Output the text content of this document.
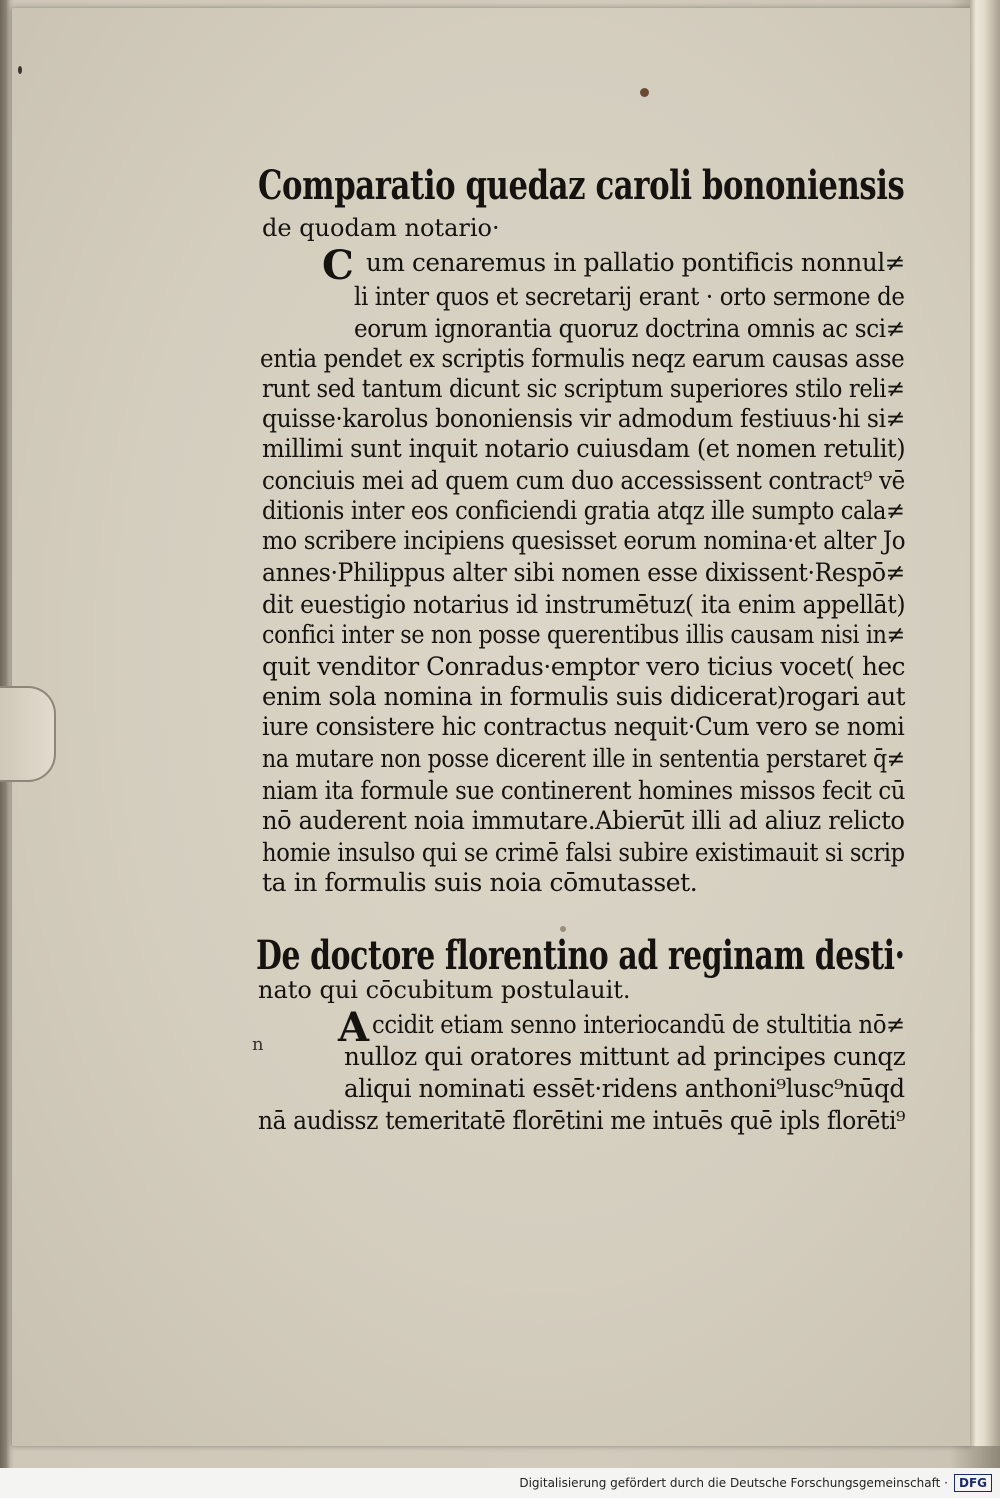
Comparatio quedaz caroli bononiensis
de quodam notario·
C um cenaremus in pallatio pontificis nonnul≠
li inter quos et secretarij erant · orto sermone de
eorum ignorantia quoruz doctrina omnis ac sci≠
entia pendet ex scriptis formulis neqz earum causas asse
runt sed tantum dicunt sic scriptum superiores stilo reli≠
quisse·karolus bononiensis vir admodum festiuus·hi si≠
millimi sunt inquit notario cuiusdam (et nomen retulit)
conciuis mei ad quem cum duo accessissent contract⁹ vē
ditionis inter eos conficiendi gratia atqz ille sumpto cala≠
mo scribere incipiens quesisset eorum nomina·et alter Jo
annes·Philippus alter sibi nomen esse dixissent·Respō≠
dit euestigio notarius id instrumētuz( ita enim appellāt)
confici inter se non posse querentibus illis causam nisi in≠
quit venditor Conradus·emptor vero ticius vocet( hec
enim sola nomina in formulis suis didicerat)rogari aut
iure consistere hic contractus nequit·Cum vero se nomi
na mutare non posse dicerent ille in sententia perstaret q̄≠
niam ita formule sue continerent homines missos fecit cū
nō auderent noia immutare.Abierūt illi ad aliuz relicto
homie insulso qui se crimē falsi subire existimauit si scrip
ta in formulis suis noia cōmutasset.
De doctore florentino ad reginam desti·
nato qui cōcubitum postulauit.
A
n
ccidit etiam senno interiocandū de stultitia nō≠
nulloz qui oratores mittunt ad principes cunqz
aliqui nominati essēt·ridens anthoni⁹lusc⁹nūqd
nā audissz temeritatē florētini me intuēs quē ipls florēti⁹
Digitalisierung gefördert durch die Deutsche Forschungsgemeinschaft · DFG
